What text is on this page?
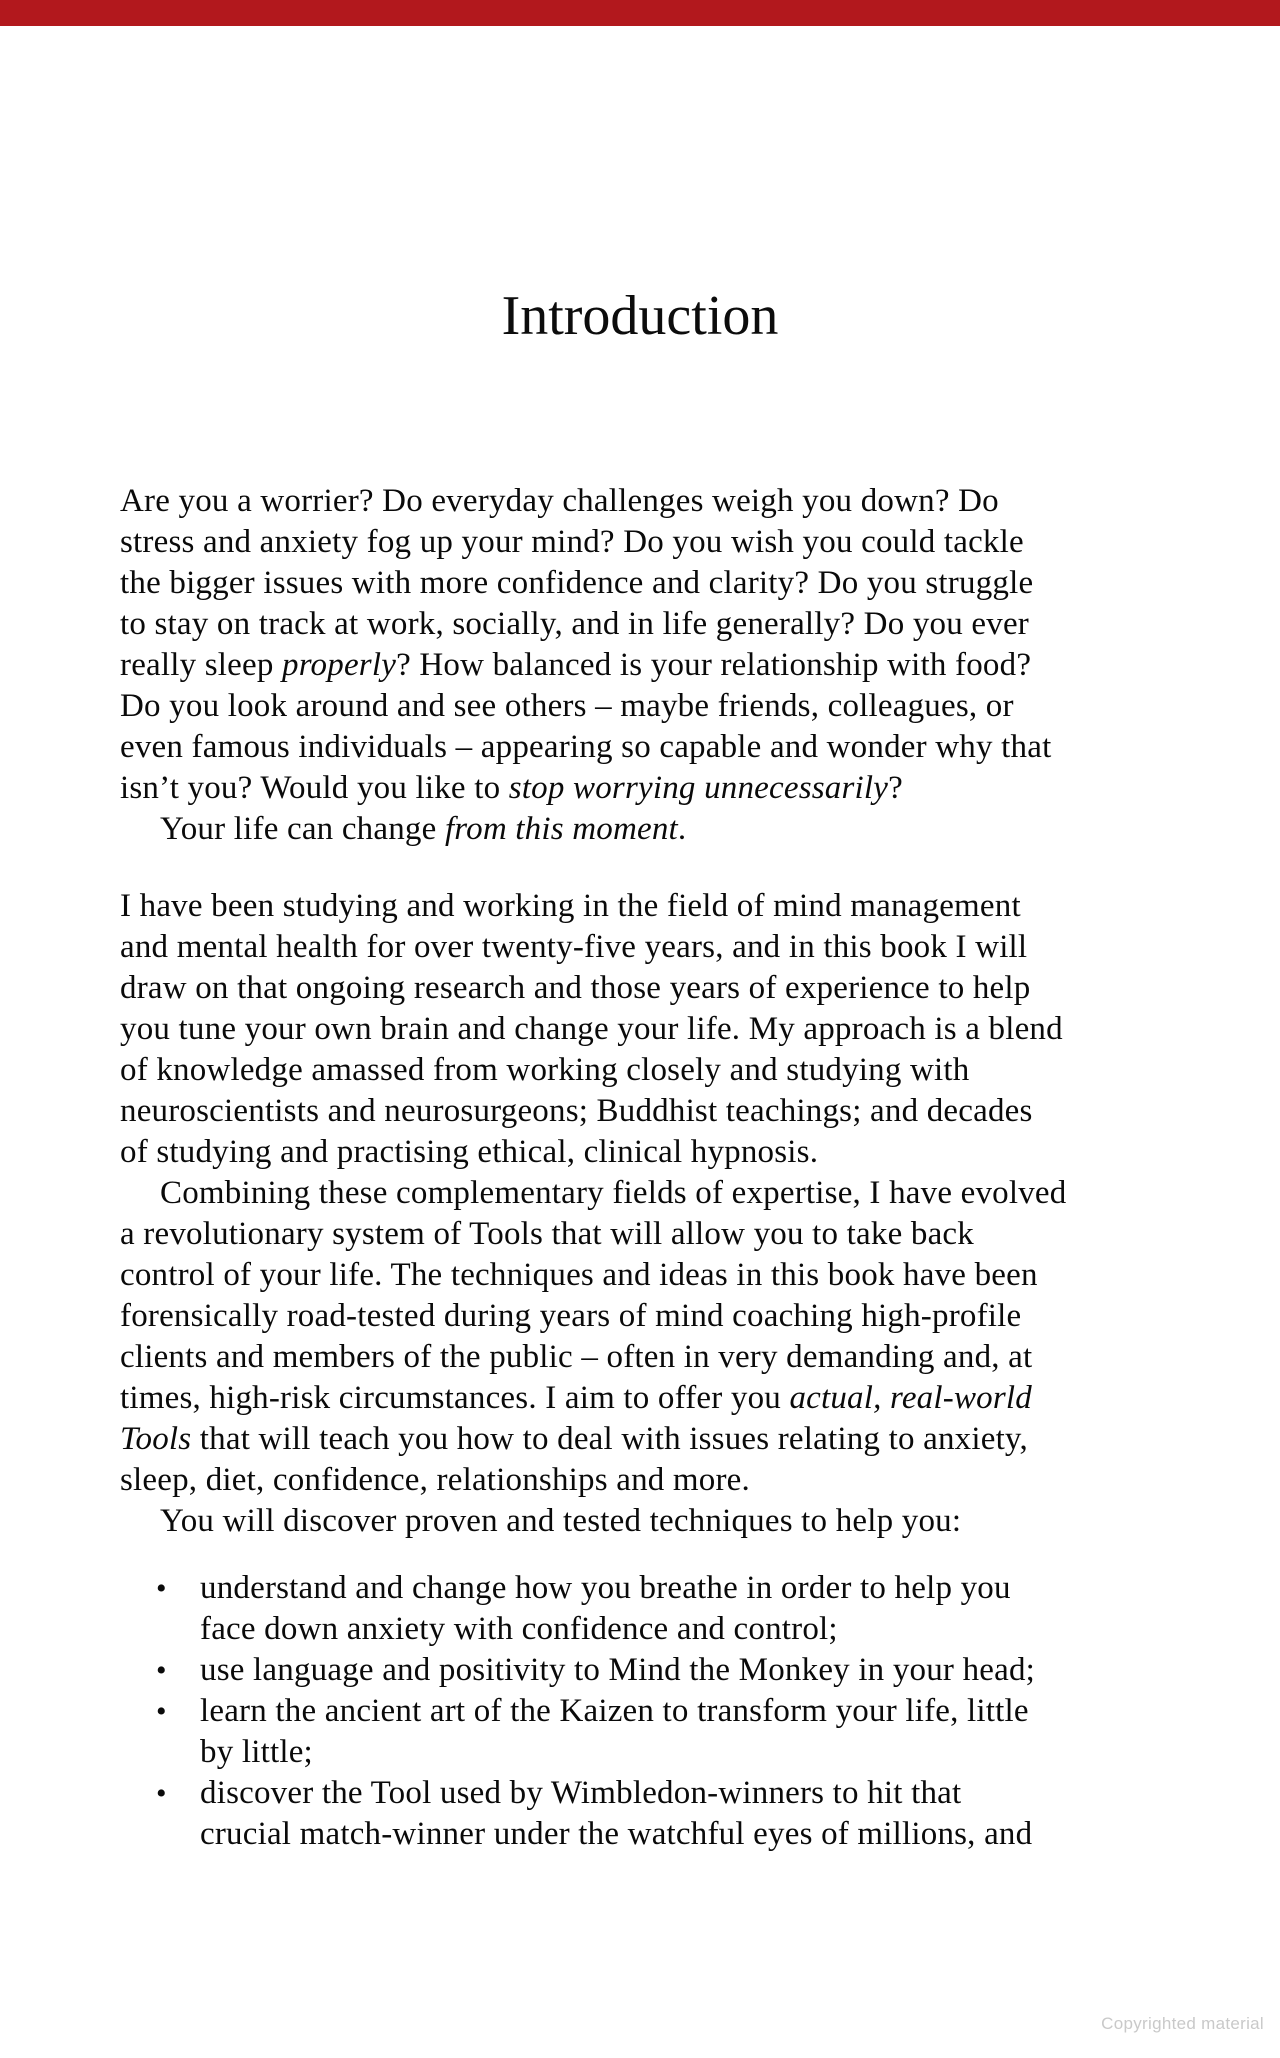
Introduction
Are you a worrier? Do everyday challenges weigh you down? Do
stress and anxiety fog up your mind? Do you wish you could tackle
the bigger issues with more confidence and clarity? Do you struggle
to stay on track at work, socially, and in life generally? Do you ever
really sleep properly? How balanced is your relationship with food?
Do you look around and see others – maybe friends, colleagues, or
even famous individuals – appearing so capable and wonder why that
isn’t you? Would you like to stop worrying unnecessarily?
Your life can change from this moment.
I have been studying and working in the field of mind management
and mental health for over twenty-five years, and in this book I will
draw on that ongoing research and those years of experience to help
you tune your own brain and change your life. My approach is a blend
of knowledge amassed from working closely and studying with
neuroscientists and neurosurgeons; Buddhist teachings; and decades
of studying and practising ethical, clinical hypnosis.
Combining these complementary fields of expertise, I have evolved
a revolutionary system of Tools that will allow you to take back
control of your life. The techniques and ideas in this book have been
forensically road-tested during years of mind coaching high-profile
clients and members of the public – often in very demanding and, at
times, high-risk circumstances. I aim to offer you actual, real-world
Tools that will teach you how to deal with issues relating to anxiety,
sleep, diet, confidence, relationships and more.
You will discover proven and tested techniques to help you:
• understand and change how you breathe in order to help you
face down anxiety with confidence and control;
• use language and positivity to Mind the Monkey in your head;
• learn the ancient art of the Kaizen to transform your life, little
by little;
• discover the Tool used by Wimbledon-winners to hit that
crucial match-winner under the watchful eyes of millions, and
Copyrighted material
